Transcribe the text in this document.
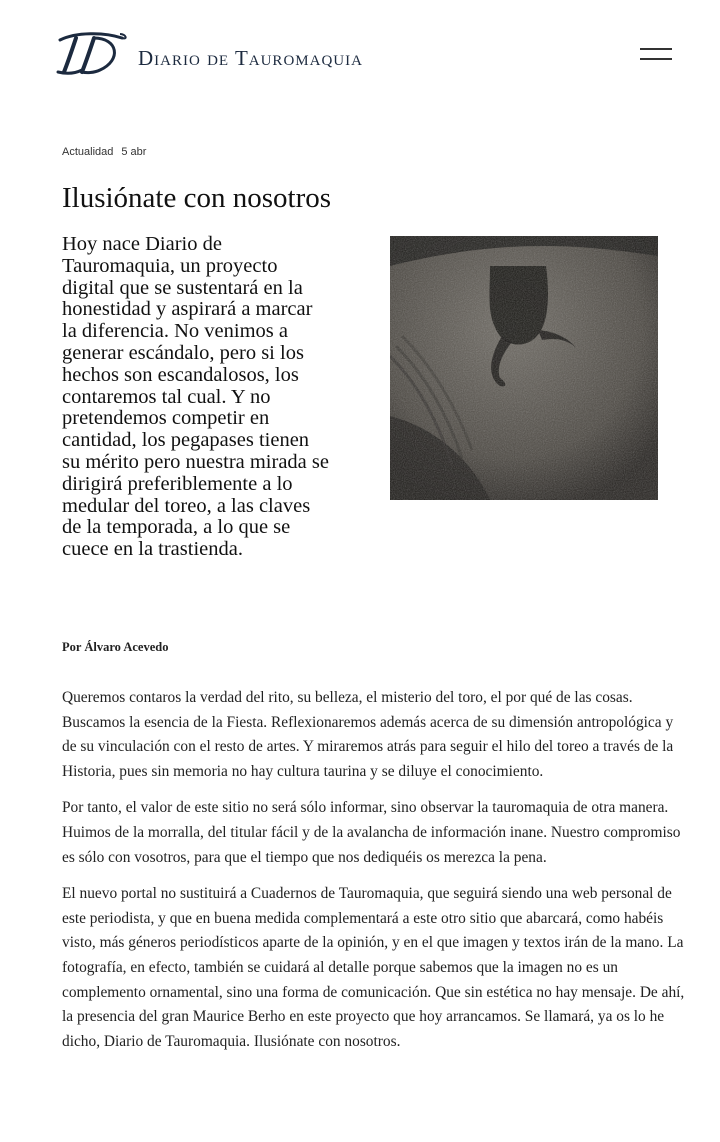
Diario de Tauromaquia
Actualidad 5 abr
Ilusiónate con nosotros

Hoy nace Diario de Tauromaquia, un proyecto digital que se sustentará en la honestidad y aspirará a marcar la diferencia. No venimos a generar escándalo, pero si los hechos son escandalosos, los contaremos tal cual. Y no pretendemos competir en cantidad, los pegapases tienen su mérito pero nuestra mirada se dirigirá preferiblemente a lo medular del toreo, a las claves de la temporada, a lo que se cuece en la trastienda.

Por Álvaro Acevedo

Queremos contaros la verdad del rito, su belleza, el misterio del toro, el por qué de las cosas. Buscamos la esencia de la Fiesta. Reflexionaremos además acerca de su dimensión antropológica y de su vinculación con el resto de artes. Y miraremos atrás para seguir el hilo del toreo a través de la Historia, pues sin memoria no hay cultura taurina y se diluye el conocimiento.

Por tanto, el valor de este sitio no será sólo informar, sino observar la tauromaquia de otra manera. Huimos de la morralla, del titular fácil y de la avalancha de información inane. Nuestro compromiso es sólo con vosotros, para que el tiempo que nos dediquéis os merezca la pena.

El nuevo portal no sustituirá a Cuadernos de Tauromaquia, que seguirá siendo una web personal de este periodista, y que en buena medida complementará a este otro sitio que abarcará, como habéis visto, más géneros periodísticos aparte de la opinión, y en el que imagen y textos irán de la mano. La fotografía, en efecto, también se cuidará al detalle porque sabemos que la imagen no es un complemento ornamental, sino una forma de comunicación. Que sin estética no hay mensaje. De ahí, la presencia del gran Maurice Berho en este proyecto que hoy arrancamos. Se llamará, ya os lo he dicho, Diario de Tauromaquia. Ilusiónate con nosotros.
